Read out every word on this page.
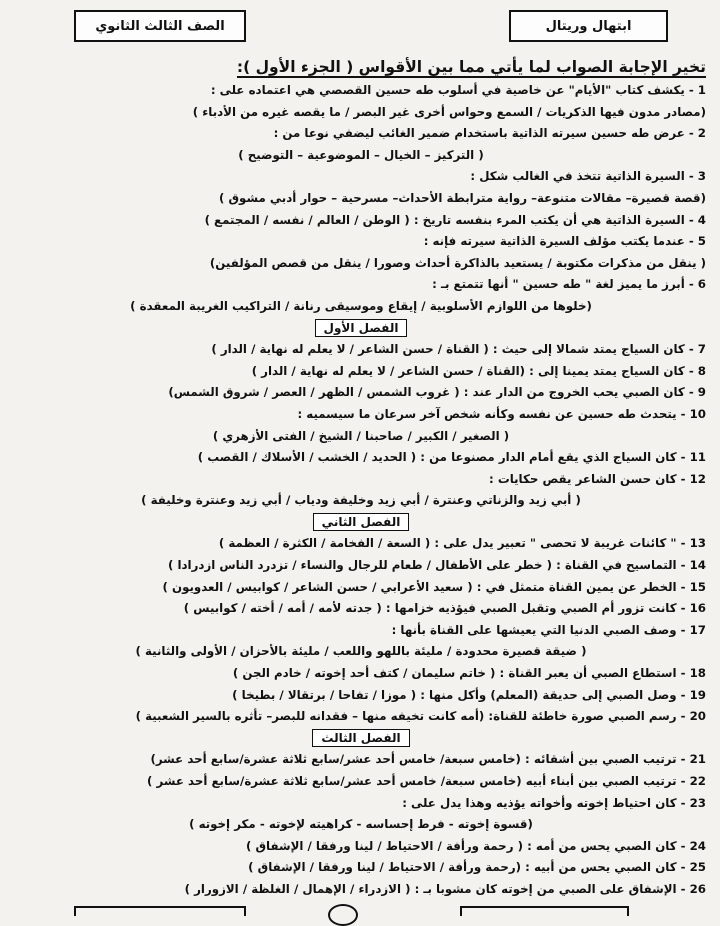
ابتهال وريتال
الصف الثالث الثانوي
تخير الإجابة الصواب لما يأتي مما بين الأقواس ( الجزء الأول ):
1- يكشف كتاب "الأيام" عن خاصية في أسلوب طه حسين القصصي هي اعتماده على :
(مصادر مدون فيها الذكريات / السمع وحواس أخرى غير البصر / ما يقصه غيره من الأدباء )
2- عرض طه حسين سيرته الذاتية باستخدام ضمير الغائب ليضفي نوعا من :
( التركيز – الخيال – الموضوعية – التوضيح )
3- السيرة الذاتية تتخذ في الغالب شكل :
(قصة قصيرة– مقالات متنوعة– رواية مترابطة الأحداث– مسرحية – حوار أدبي مشوق )
4- السيرة الذاتية هي أن يكتب المرء بنفسه تاريخ : ( الوطن / العالم / نفسه / المجتمع )
5- عندما يكتب مؤلف السيرة الذاتية سيرته فإنه :
( ينقل من مذكرات مكتوبة / يستعيد بالذاكرة أحداث وصورا / ينقل من قصص المؤلفين)
6- أبرز ما يميز لغة " طه حسين " أنها تتمتع بـ :
(خلوها من اللوازم الأسلوبية / إيقاع وموسيقى رنانة / التراكيب الغريبة المعقدة )
الفصل الأول
7- كان السياج يمتد شمالا إلى حيث : ( القناة / حسن الشاعر / لا يعلم له نهاية / الدار )
8- كان السياج يمتد يمينا إلى : (القناة / حسن الشاعر / لا يعلم له نهاية / الدار )
9- كان الصبي يحب الخروج من الدار عند : ( غروب الشمس / الظهر / العصر / شروق الشمس)
10- يتحدث طه حسين عن نفسه وكأنه شخص آخر سرعان ما سيسميه :
( الصغير / الكبير / صاحبنا / الشيخ / الفتى الأزهري )
11- كان السياج الذي يقع أمام الدار مصنوعا من : ( الحديد / الخشب / الأسلاك / القصب )
12- كان حسن الشاعر يقص حكايات :
( أبي زيد والزناتي وعنترة / أبي زيد وخليفة ودياب / أبي زيد وعنترة وخليفة )
الفصل الثاني
13- " كائنات غريبة لا تحصى " تعبير يدل على : ( السعة / الفخامة / الكثرة / العظمة )
14- التماسيح في القناة : ( خطر على الأطفال / طعام للرجال والنساء / تزدرد الناس ازدرادا )
15- الخطر عن يمين القناة متمثل في : ( سعيد الأعرابي / حسن الشاعر / كوابيس / العدويون )
16- كانت تزور أم الصبي وتقبل الصبي فيؤذيه خزامها : ( جدته لأمه / أمه / أخته / كوابيس )
17- وصف الصبي الدنيا التي يعيشها على القناة بأنها :
( ضيقة قصيرة محدودة / مليئة باللهو واللعب / مليئة بالأحزان / الأولى والثانية )
18- استطاع الصبي أن يعبر القناة : ( خاتم سليمان / كتف أحد إخوته / خادم الجن )
19- وصل الصبي إلى حديقة (المعلم) وأكل منها : ( موزا / تفاحا / برتقالا / بطيخا )
20- رسم الصبي صورة خاطئة للقناة: (أمه كانت تخيفه منها – فقدانه للبصر– تأثره بالسير الشعبية )
الفصل الثالث
21- ترتيب الصبي بين أشقائه : (خامس سبعة/ خامس أحد عشر/سابع ثلاثة عشرة/سابع أحد عشر)
22- ترتيب الصبي بين أبناء أبيه (خامس سبعة/ خامس أحد عشر/سابع ثلاثة عشرة/سابع أحد عشر )
23- كان احتياط إخوته وأخواته يؤذيه وهذا يدل على :
(قسوة إخوته - فرط إحساسه - كراهيته لإخوته - مكر إخوته )
24- كان الصبي يحس من أمه : ( رحمة ورأفة / الاحتياط / لينا ورفقا / الإشفاق )
25- كان الصبي يحس من أبيه : (رحمة ورأفة / الاحتياط / لينا ورفقا / الإشفاق )
26- الإشفاق على الصبي من إخوته كان مشوبا بـ : ( الازدراء / الإهمال / الغلظة / الازورار )
